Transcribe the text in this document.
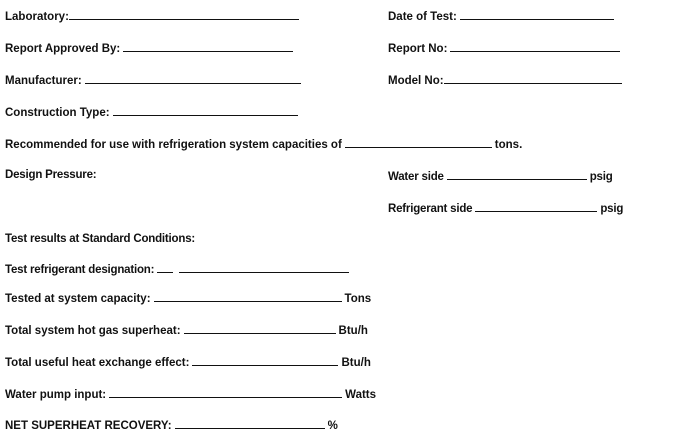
Laboratory:	Date of Test:
Report Approved By:	Report No:
Manufacturer:	Model No:
Construction Type:
Recommended for use with refrigeration system capacities of	tons.
Design Pressure:	Water side	psig
Refrigerant side	psig
Test results at Standard Conditions:
Test refrigerant designation:
Tested at system capacity:	Tons
Total system hot gas superheat:	Btu/h
Total useful heat exchange effect:	Btu/h
Water pump input:	Watts
NET SUPERHEAT RECOVERY:	%
